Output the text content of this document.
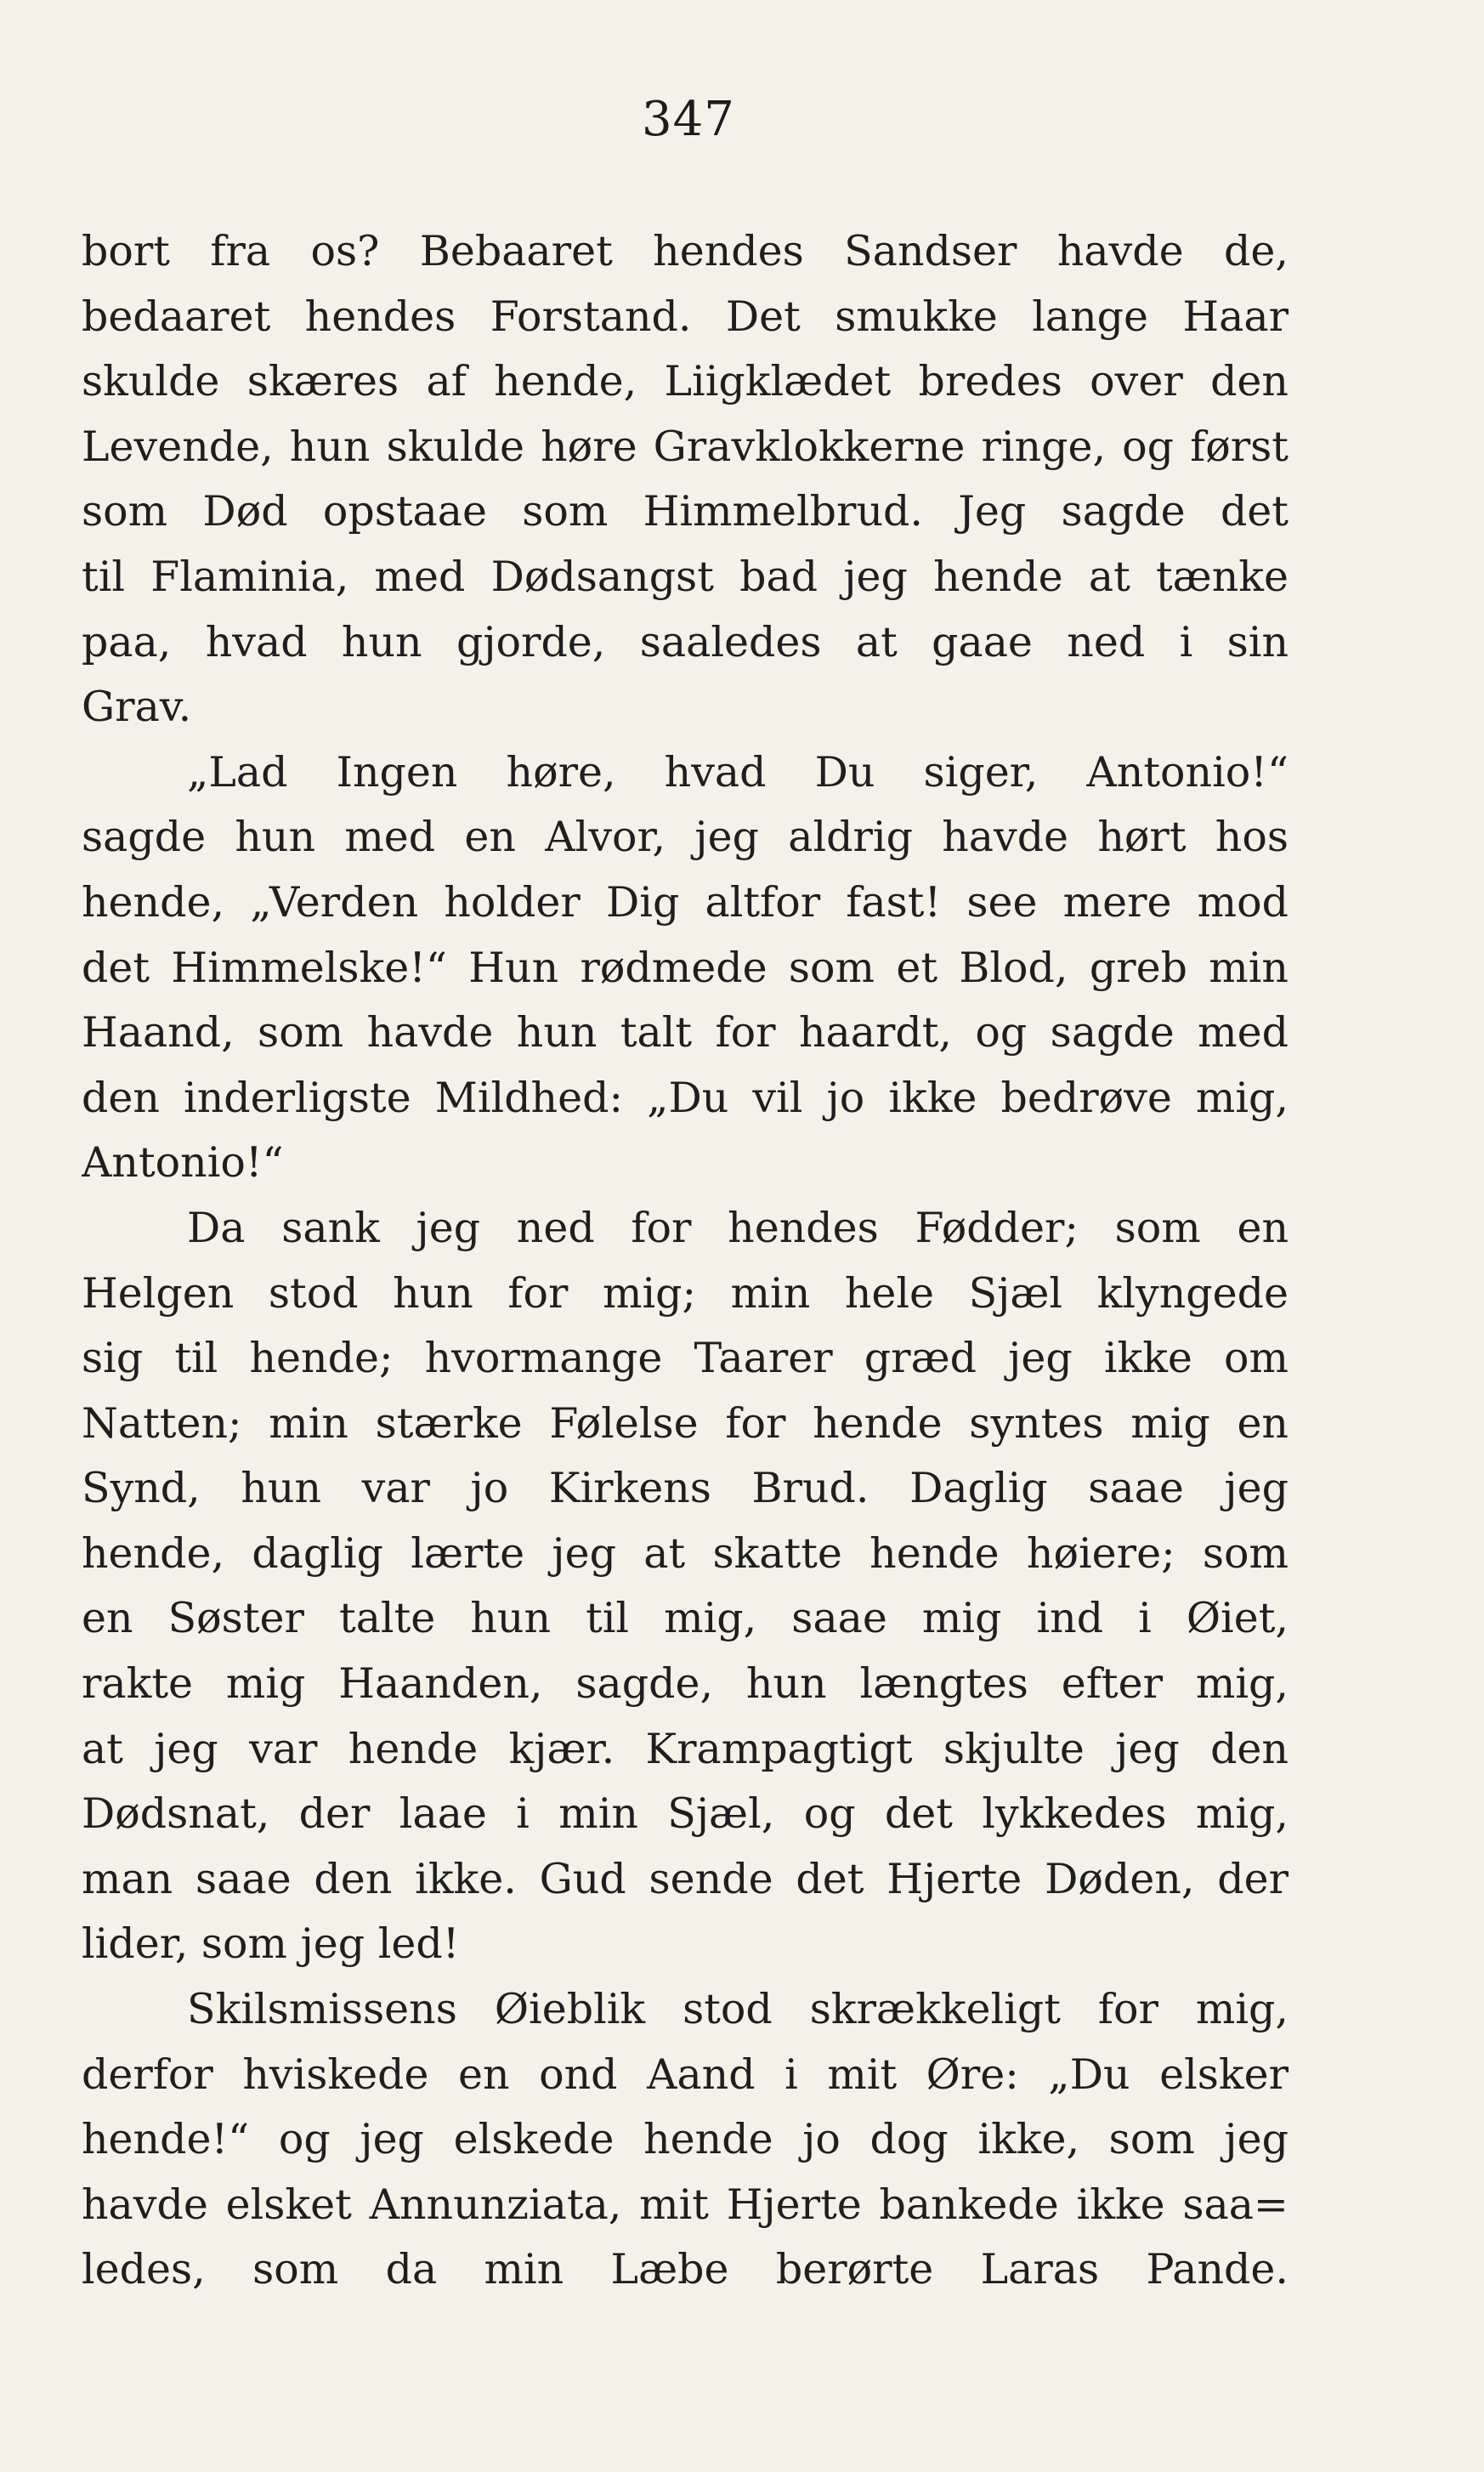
347
bort fra os? Bebaaret hendes Sandser havde de,
bedaaret hendes Forstand. Det smukke lange Haar
skulde skæres af hende, Liigklædet bredes over den
Levende, hun skulde høre Gravklokkerne ringe, og først
som Død opstaae som Himmelbrud. Jeg sagde det
til Flaminia, med Dødsangst bad jeg hende at tænke
paa, hvad hun gjorde, saaledes at gaae ned i sin
Grav.
„Lad Ingen høre, hvad Du siger, Antonio!“
sagde hun med en Alvor, jeg aldrig havde hørt hos
hende, „Verden holder Dig altfor fast! see mere mod
det Himmelske!“ Hun rødmede som et Blod, greb min
Haand, som havde hun talt for haardt, og sagde med
den inderligste Mildhed: „Du vil jo ikke bedrøve mig,
Antonio!“
Da sank jeg ned for hendes Fødder; som en
Helgen stod hun for mig; min hele Sjæl klyngede
sig til hende; hvormange Taarer græd jeg ikke om
Natten; min stærke Følelse for hende syntes mig en
Synd, hun var jo Kirkens Brud. Daglig saae jeg
hende, daglig lærte jeg at skatte hende høiere; som
en Søster talte hun til mig, saae mig ind i Øiet,
rakte mig Haanden, sagde, hun længtes efter mig,
at jeg var hende kjær. Krampagtigt skjulte jeg den
Dødsnat, der laae i min Sjæl, og det lykkedes mig,
man saae den ikke. Gud sende det Hjerte Døden, der
lider, som jeg led!
Skilsmissens Øieblik stod skrækkeligt for mig,
derfor hviskede en ond Aand i mit Øre: „Du elsker
hende!“ og jeg elskede hende jo dog ikke, som jeg
havde elsket Annunziata, mit Hjerte bankede ikke saa=
ledes, som da min Læbe berørte Laras Pande.
